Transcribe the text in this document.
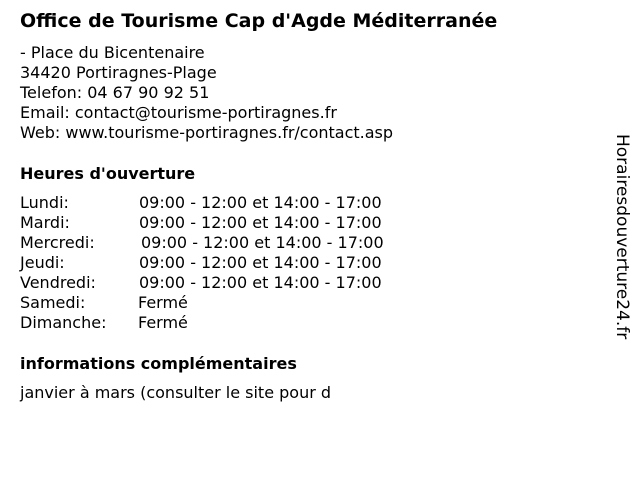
Office de Tourisme Cap d'Agde Méditerranée
- Place du Bicentenaire
34420 Portiragnes-Plage
Telefon: 04 67 90 92 51
Email: contact@tourisme-portiragnes.fr
Web: www.tourisme-portiragnes.fr/contact.asp
Heures d'ouverture
Lundi:	09:00 - 12:00 et 14:00 - 17:00
Mardi:	09:00 - 12:00 et 14:00 - 17:00
Mercredi:	09:00 - 12:00 et 14:00 - 17:00
Jeudi:	09:00 - 12:00 et 14:00 - 17:00
Vendredi:	09:00 - 12:00 et 14:00 - 17:00
Samedi:	Fermé
Dimanche: Fermé
informations complémentaires
janvier à mars (consulter le site pour d
Horairesdouverture24.fr
